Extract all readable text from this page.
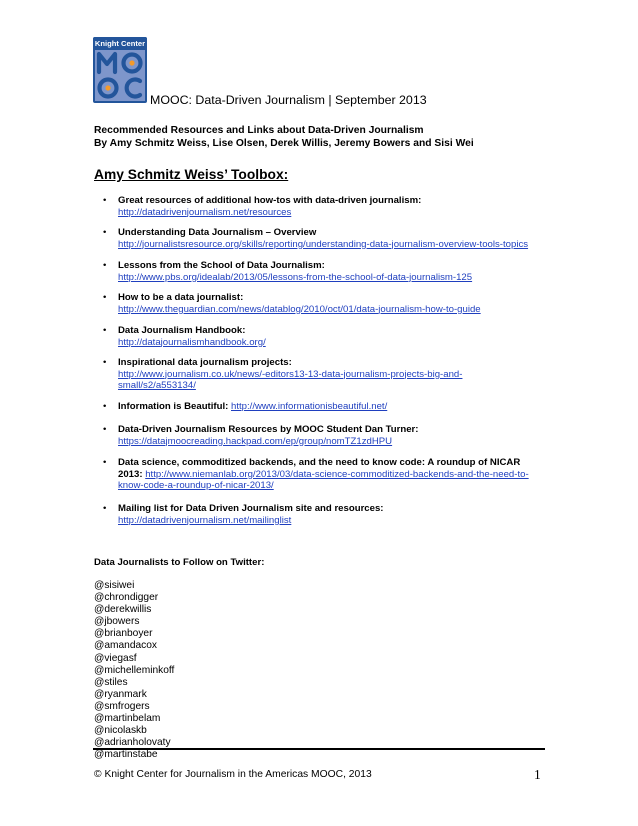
Knight Center
MOOC MOOC: Data-Driven Journalism | September 2013
Recommended Resources and Links about Data-Driven Journalism
By Amy Schmitz Weiss, Lise Olsen, Derek Willis, Jeremy Bowers and Sisi Wei
Amy Schmitz Weiss’ Toolbox:
• Great resources of additional how-tos with data-driven journalism:
http://datadrivenjournalism.net/resources
• Understanding Data Journalism – Overview
http://journalistsresource.org/skills/reporting/understanding-data-journalism-overview-tools-topics
• Lessons from the School of Data Journalism:
http://www.pbs.org/idealab/2013/05/lessons-from-the-school-of-data-journalism-125
• How to be a data journalist:
http://www.theguardian.com/news/datablog/2010/oct/01/data-journalism-how-to-guide
• Data Journalism Handbook:
http://datajournalismhandbook.org/
• Inspirational data journalism projects:
http://www.journalism.co.uk/news/-editors13-13-data-journalism-projects-big-and-small/s2/a553134/
• Information is Beautiful: http://www.informationisbeautiful.net/
• Data-Driven Journalism Resources by MOOC Student Dan Turner:
https://datajmoocreading.hackpad.com/ep/group/nomTZ1zdHPU
• Data science, commoditized backends, and the need to know code: A roundup of NICAR 2013: http://www.niemanlab.org/2013/03/data-science-commoditized-backends-and-the-need-to-know-code-a-roundup-of-nicar-2013/
• Mailing list for Data Driven Journalism site and resources:
http://datadrivenjournalism.net/mailinglist
Data Journalists to Follow on Twitter:
@sisiwei
@chrondigger
@derekwillis
@jbowers
@brianboyer
@amandacox
@viegasf
@michelleminkoff
@stiles
@ryanmark
@smfrogers
@martinbelam
@nicolaskb
@adrianholovaty
@martinstabe
© Knight Center for Journalism in the Americas MOOC, 2013	1
